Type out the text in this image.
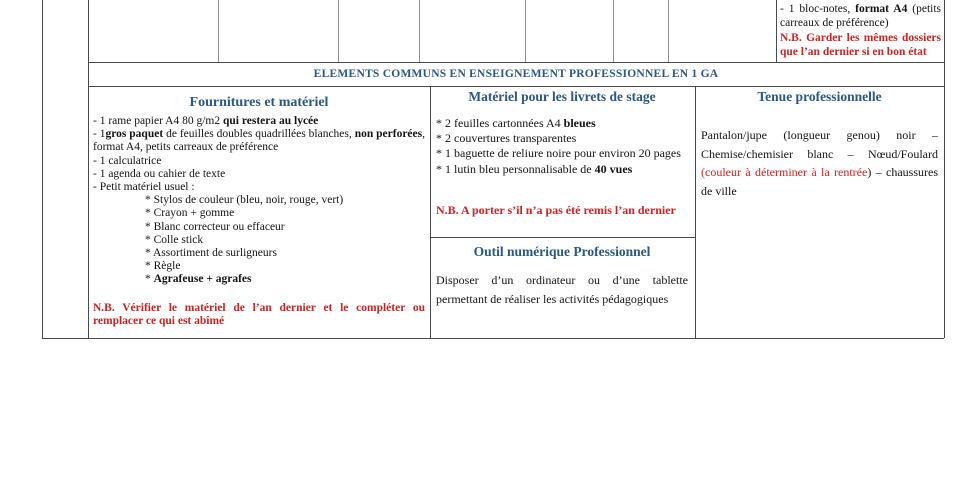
- 1 bloc-notes, format A4 (petits carreaux de préférence)
N.B. Garder les mêmes dossiers que l’an dernier si en bon état
ELEMENTS COMMUNS EN ENSEIGNEMENT PROFESSIONNEL EN 1 GA
Fournitures et matériel
- 1 rame papier A4 80 g/m2 qui restera au lycée
- 1gros paquet de feuilles doubles quadrillées blanches, non perforées, format A4, petits carreaux de préférence
- 1 calculatrice
- 1 agenda ou cahier de texte
- Petit matériel usuel :
* Stylos de couleur (bleu, noir, rouge, vert)
* Crayon + gomme
* Blanc correcteur ou effaceur
* Colle stick
* Assortiment de surligneurs
* Règle
* Agrafeuse + agrafes
N.B. Vérifier le matériel de l’an dernier et le compléter ou remplacer ce qui est abîmé
Matériel pour les livrets de stage
* 2 feuilles cartonnées A4 bleues
* 2 couvertures transparentes
* 1 baguette de reliure noire pour environ 20 pages
* 1 lutin bleu personnalisable de 40 vues
N.B. A porter s’il n’a pas été remis l’an dernier
Outil numérique Professionnel
Disposer d’un ordinateur ou d’une tablette permettant de réaliser les activités pédagogiques
Tenue professionnelle
Pantalon/jupe (longueur genou) noir – Chemise/chemisier blanc – Nœud/Foulard (couleur à déterminer à la rentrée) – chaussures de ville
